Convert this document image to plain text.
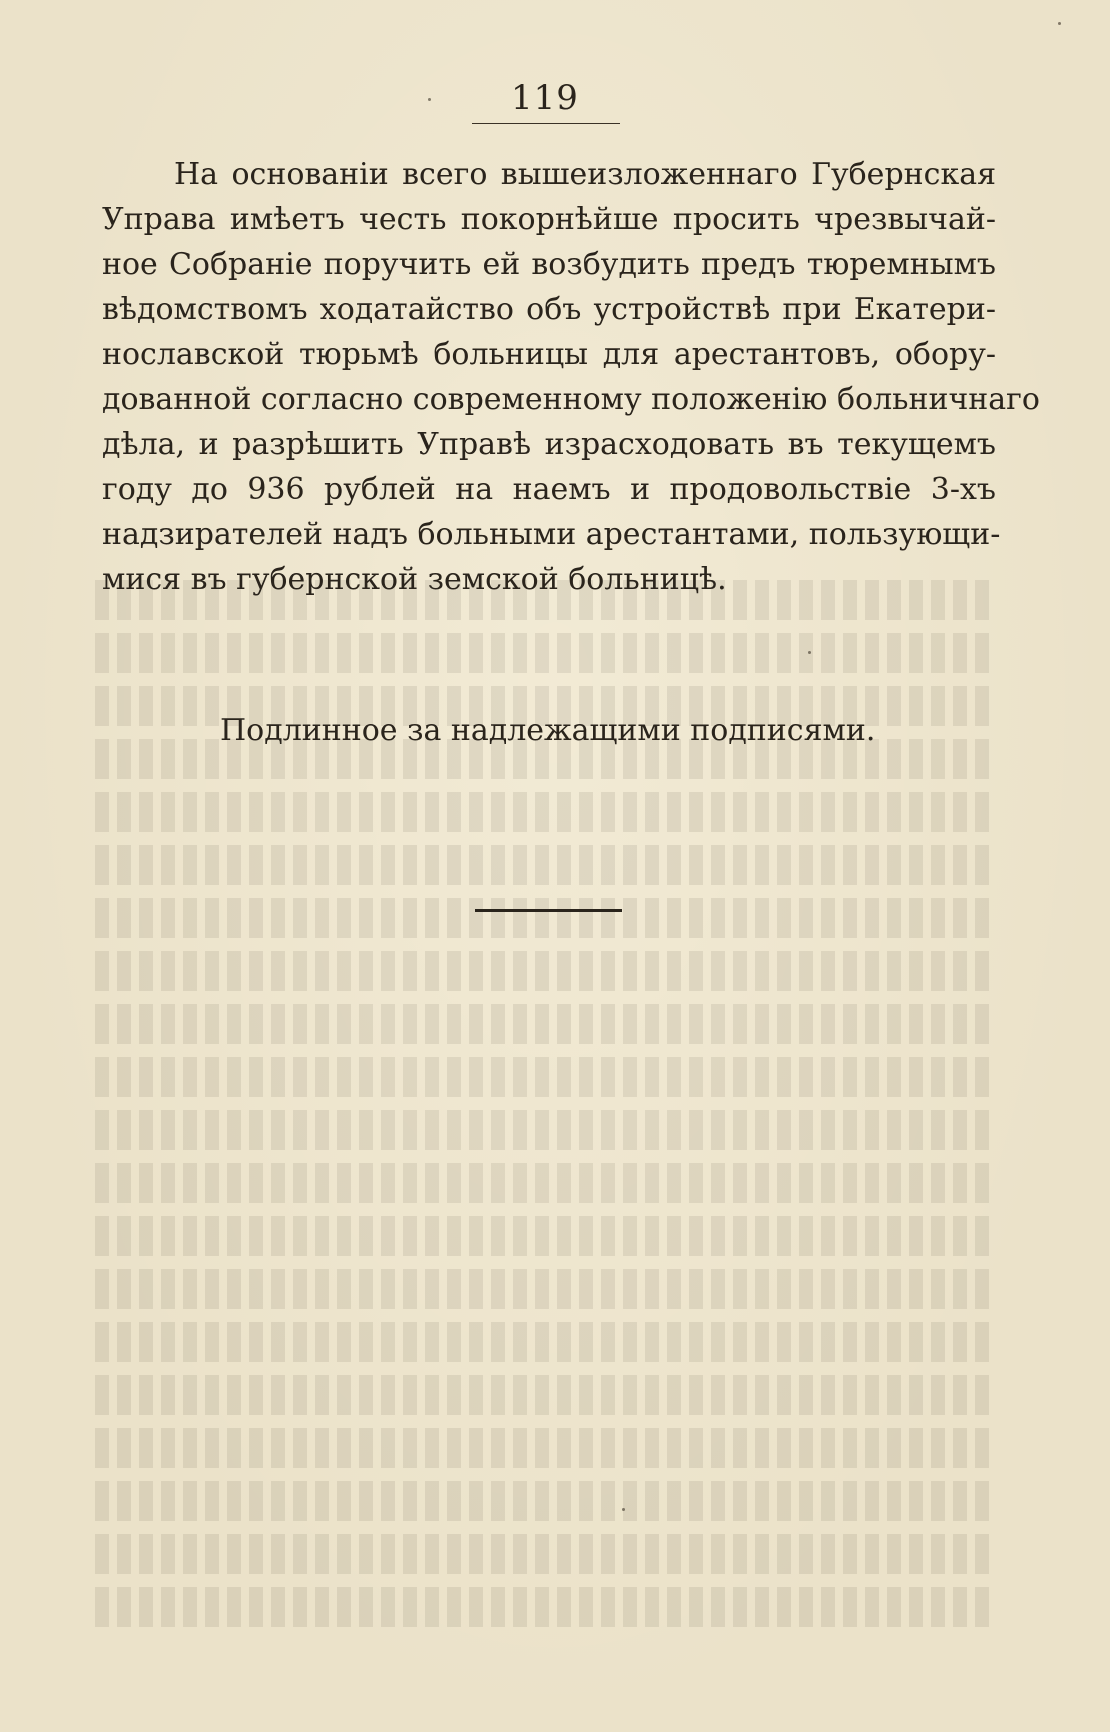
119
На основаніи всего вышеизложеннаго Губернская
Управа имѣетъ честь покорнѣйше просить чрезвычай-
ное Собраніе поручить ей возбудить предъ тюремнымъ
вѣдомствомъ ходатайство объ устройствѣ при Екатери-
нославской тюрьмѣ больницы для арестантовъ, обору-
дованной согласно современному положенію больничнаго
дѣла, и разрѣшить Управѣ израсходовать въ текущемъ
году до 936 рублей на наемъ и продовольствіе 3-хъ
надзирателей надъ больными арестантами, пользующи-
мися въ губернской земской больницѣ.
Подлинное за надлежащими подписями.
